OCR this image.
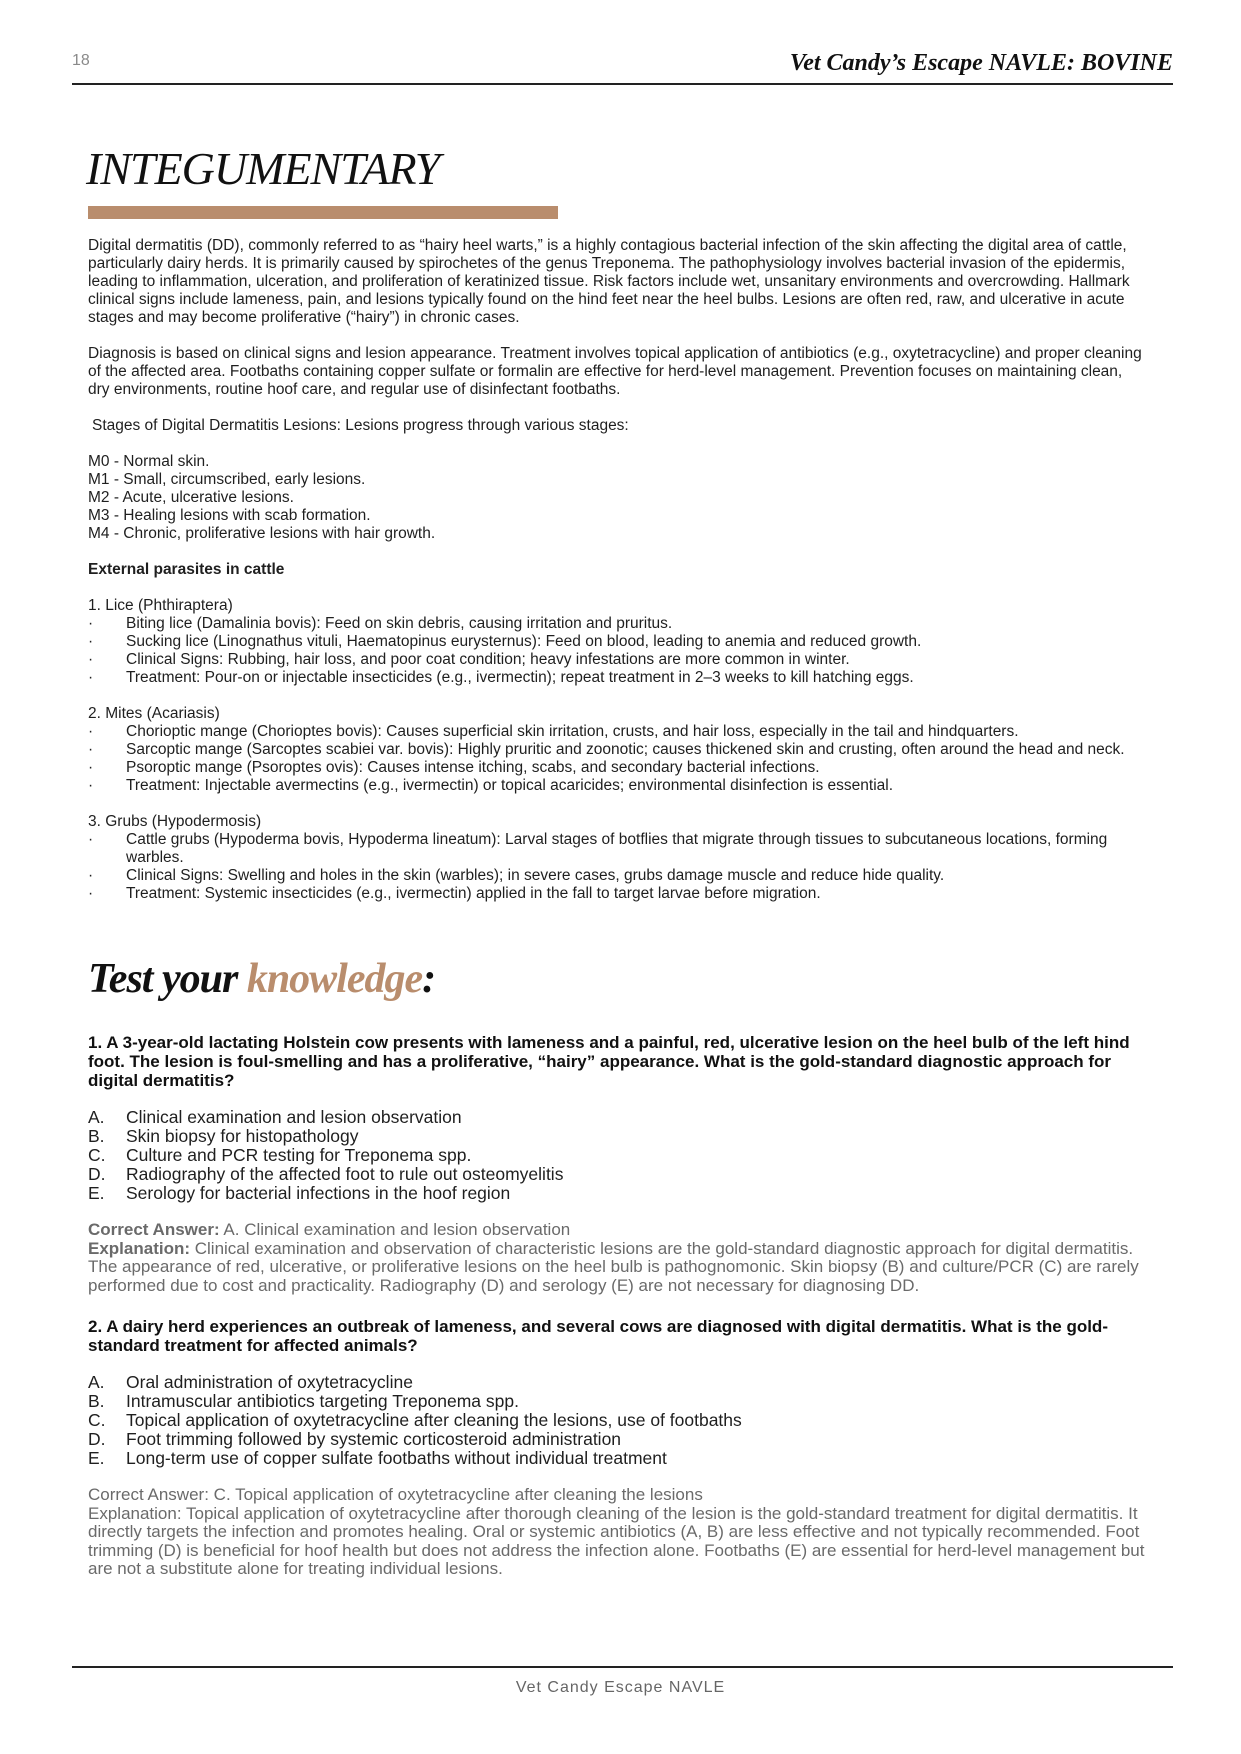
18	Vet Candy’s Escape NAVLE: BOVINE
INTEGUMENTARY

Digital dermatitis (DD), commonly referred to as “hairy heel warts,” is a highly contagious bacterial infection of the skin affecting the digital area of cattle, particularly dairy herds. It is primarily caused by spirochetes of the genus Treponema. The pathophysiology involves bacterial invasion of the epidermis, leading to inflammation, ulceration, and proliferation of keratinized tissue. Risk factors include wet, unsanitary environments and overcrowding. Hallmark clinical signs include lameness, pain, and lesions typically found on the hind feet near the heel bulbs. Lesions are often red, raw, and ulcerative in acute stages and may become proliferative (“hairy”) in chronic cases.

Diagnosis is based on clinical signs and lesion appearance. Treatment involves topical application of antibiotics (e.g., oxytetracycline) and proper cleaning of the affected area. Footbaths containing copper sulfate or formalin are effective for herd-level management. Prevention focuses on maintaining clean, dry environments, routine hoof care, and regular use of disinfectant footbaths.

Stages of Digital Dermatitis Lesions: Lesions progress through various stages:

M0 - Normal skin.
M1 - Small, circumscribed, early lesions.
M2 - Acute, ulcerative lesions.
M3 - Healing lesions with scab formation.
M4 - Chronic, proliferative lesions with hair growth.

External parasites in cattle

1. Lice (Phthiraptera)
· Biting lice (Damalinia bovis): Feed on skin debris, causing irritation and pruritus.
· Sucking lice (Linognathus vituli, Haematopinus eurysternus): Feed on blood, leading to anemia and reduced growth.
· Clinical Signs: Rubbing, hair loss, and poor coat condition; heavy infestations are more common in winter.
· Treatment: Pour-on or injectable insecticides (e.g., ivermectin); repeat treatment in 2–3 weeks to kill hatching eggs.
2. Mites (Acariasis)
· Chorioptic mange (Chorioptes bovis): Causes superficial skin irritation, crusts, and hair loss, especially in the tail and hindquarters.
· Sarcoptic mange (Sarcoptes scabiei var. bovis): Highly pruritic and zoonotic; causes thickened skin and crusting, often around the head and neck.
· Psoroptic mange (Psoroptes ovis): Causes intense itching, scabs, and secondary bacterial infections.
· Treatment: Injectable avermectins (e.g., ivermectin) or topical acaricides; environmental disinfection is essential.
3. Grubs (Hypodermosis)
· Cattle grubs (Hypoderma bovis, Hypoderma lineatum): Larval stages of botflies that migrate through tissues to subcutaneous locations, forming warbles.
· Clinical Signs: Swelling and holes in the skin (warbles); in severe cases, grubs damage muscle and reduce hide quality.
· Treatment: Systemic insecticides (e.g., ivermectin) applied in the fall to target larvae before migration.
Test your knowledge:

1. A 3-year-old lactating Holstein cow presents with lameness and a painful, red, ulcerative lesion on the heel bulb of the left hind foot. The lesion is foul-smelling and has a proliferative, “hairy” appearance. What is the gold-standard diagnostic approach for digital dermatitis?

A.	Clinical examination and lesion observation
B.	Skin biopsy for histopathology
C.	Culture and PCR testing for Treponema spp.
D.	Radiography of the affected foot to rule out osteomyelitis
E.	Serology for bacterial infections in the hoof region
Correct Answer: A. Clinical examination and lesion observation
Explanation: Clinical examination and observation of characteristic lesions are the gold-standard diagnostic approach for digital dermatitis. The appearance of red, ulcerative, or proliferative lesions on the heel bulb is pathognomonic. Skin biopsy (B) and culture/PCR (C) are rarely performed due to cost and practicality. Radiography (D) and serology (E) are not necessary for diagnosing DD.

2. A dairy herd experiences an outbreak of lameness, and several cows are diagnosed with digital dermatitis. What is the gold-standard treatment for affected animals?

A.	Oral administration of oxytetracycline
B.	Intramuscular antibiotics targeting Treponema spp.
C.	Topical application of oxytetracycline after cleaning the lesions, use of footbaths
D.	Foot trimming followed by systemic corticosteroid administration
E.	Long-term use of copper sulfate footbaths without individual treatment
Correct Answer: C. Topical application of oxytetracycline after cleaning the lesions
Explanation: Topical application of oxytetracycline after thorough cleaning of the lesion is the gold-standard treatment for digital dermatitis. It directly targets the infection and promotes healing. Oral or systemic antibiotics (A, B) are less effective and not typically recommended. Foot trimming (D) is beneficial for hoof health but does not address the infection alone. Footbaths (E) are essential for herd-level management but are not a substitute alone for treating individual lesions.
Vet Candy Escape NAVLE
